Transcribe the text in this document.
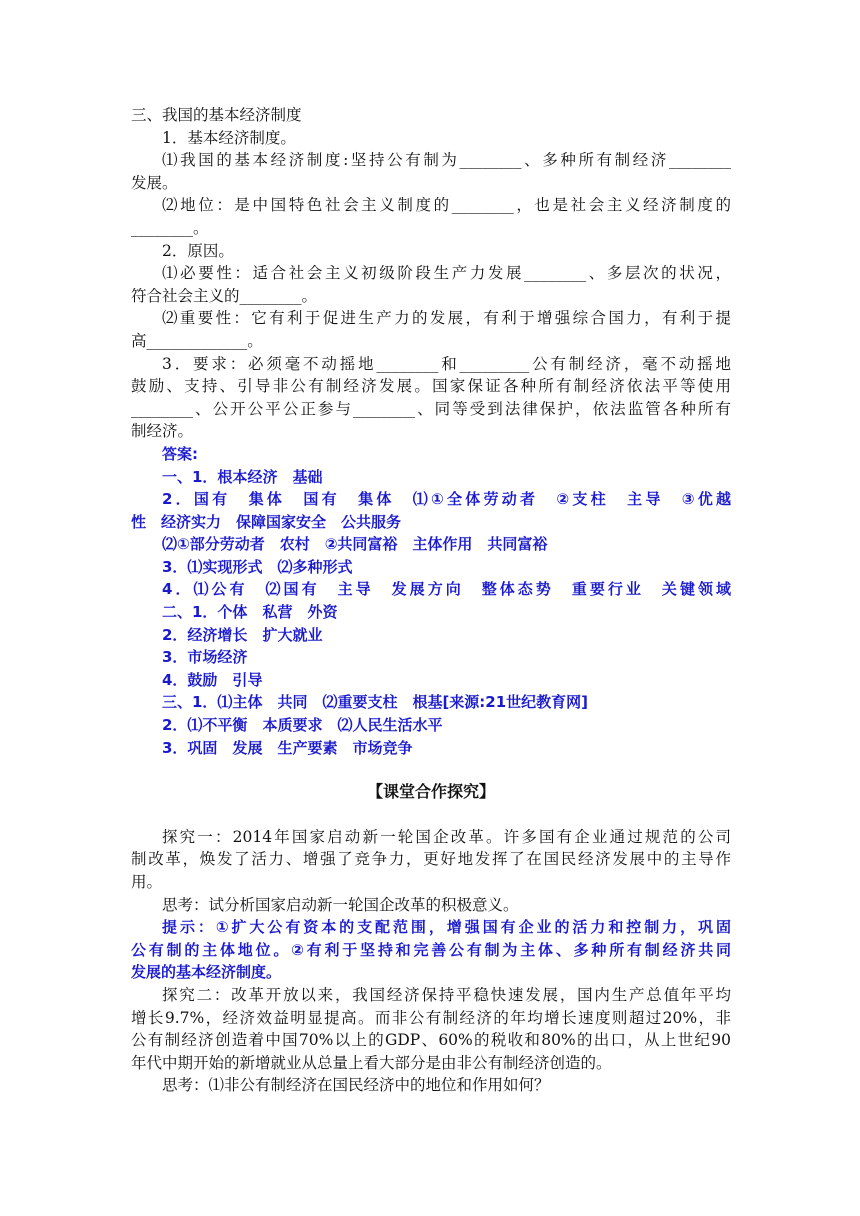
三、我国的基本经济制度
1．基本经济制度。
⑴我国的基本经济制度:坚持公有制为________、多种所有制经济________
发展。
⑵地位：是中国特色社会主义制度的________，也是社会主义经济制度的
________。
2．原因。
⑴必要性：适合社会主义初级阶段生产力发展________、多层次的状况，
符合社会主义的________。
⑵重要性：它有利于促进生产力的发展，有利于增强综合国力，有利于提
高_____________。
3．要求：必须毫不动摇地________和_________公有制经济，毫不动摇地
鼓励、支持、引导非公有制经济发展。国家保证各种所有制经济依法平等使用
________、公开公平公正参与________、同等受到法律保护，依法监管各种所有
制经济。
答案:
一、1．根本经济　基础
2．国有　集体　国有　集体　⑴①全体劳动者　②支柱　主导　③优越
性　经济实力　保障国家安全　公共服务
⑵①部分劳动者　农村　②共同富裕　主体作用　共同富裕
3．⑴实现形式　⑵多种形式
4．⑴公有　⑵国有　主导　发展方向　整体态势　重要行业　关键领域
二、1．个体　私营　外资
2．经济增长　扩大就业
3．市场经济
4．鼓励　引导
三、1．⑴主体　共同　⑵重要支柱　根基[来源:21世纪教育网]
2．⑴不平衡　本质要求　⑵人民生活水平
3．巩固　发展　生产要素　市场竞争
【课堂合作探究】
探究一：2014年国家启动新一轮国企改革。许多国有企业通过规范的公司
制改革，焕发了活力、增强了竞争力，更好地发挥了在国民经济发展中的主导作
用。
思考：试分析国家启动新一轮国企改革的积极意义。
提示：①扩大公有资本的支配范围，增强国有企业的活力和控制力，巩固
公有制的主体地位。②有利于坚持和完善公有制为主体、多种所有制经济共同
发展的基本经济制度。
探究二：改革开放以来，我国经济保持平稳快速发展，国内生产总值年平均
增长9.7%，经济效益明显提高。而非公有制经济的年均增长速度则超过20%，非
公有制经济创造着中国70%以上的GDP、60%的税收和80%的出口，从上世纪90
年代中期开始的新增就业从总量上看大部分是由非公有制经济创造的。
思考：⑴非公有制经济在国民经济中的地位和作用如何？
